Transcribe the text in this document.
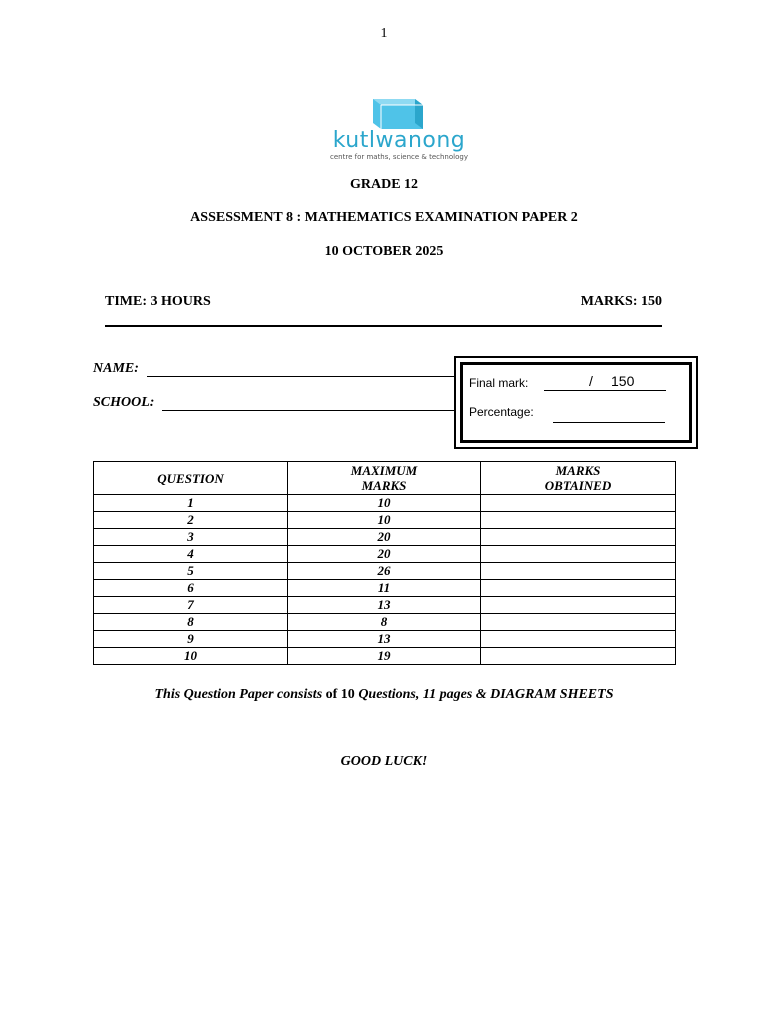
1
kutlwanong
centre for maths, science & technology
GRADE 12
ASSESSMENT 8 : MATHEMATICS EXAMINATION PAPER 2
10 OCTOBER 2025
TIME: 3 HOURS	MARKS: 150
NAME:
SCHOOL:
Final mark:	/ 150
Percentage:
QUESTION	MAXIMUM MARKS	MARKS OBTAINED
1	10	
2	10	
3	20	
4	20	
5	26	
6	11	
7	13	
8	8	
9	13	
10	19	
This Question Paper consists of 10 Questions, 11 pages & DIAGRAM SHEETS
GOOD LUCK!
